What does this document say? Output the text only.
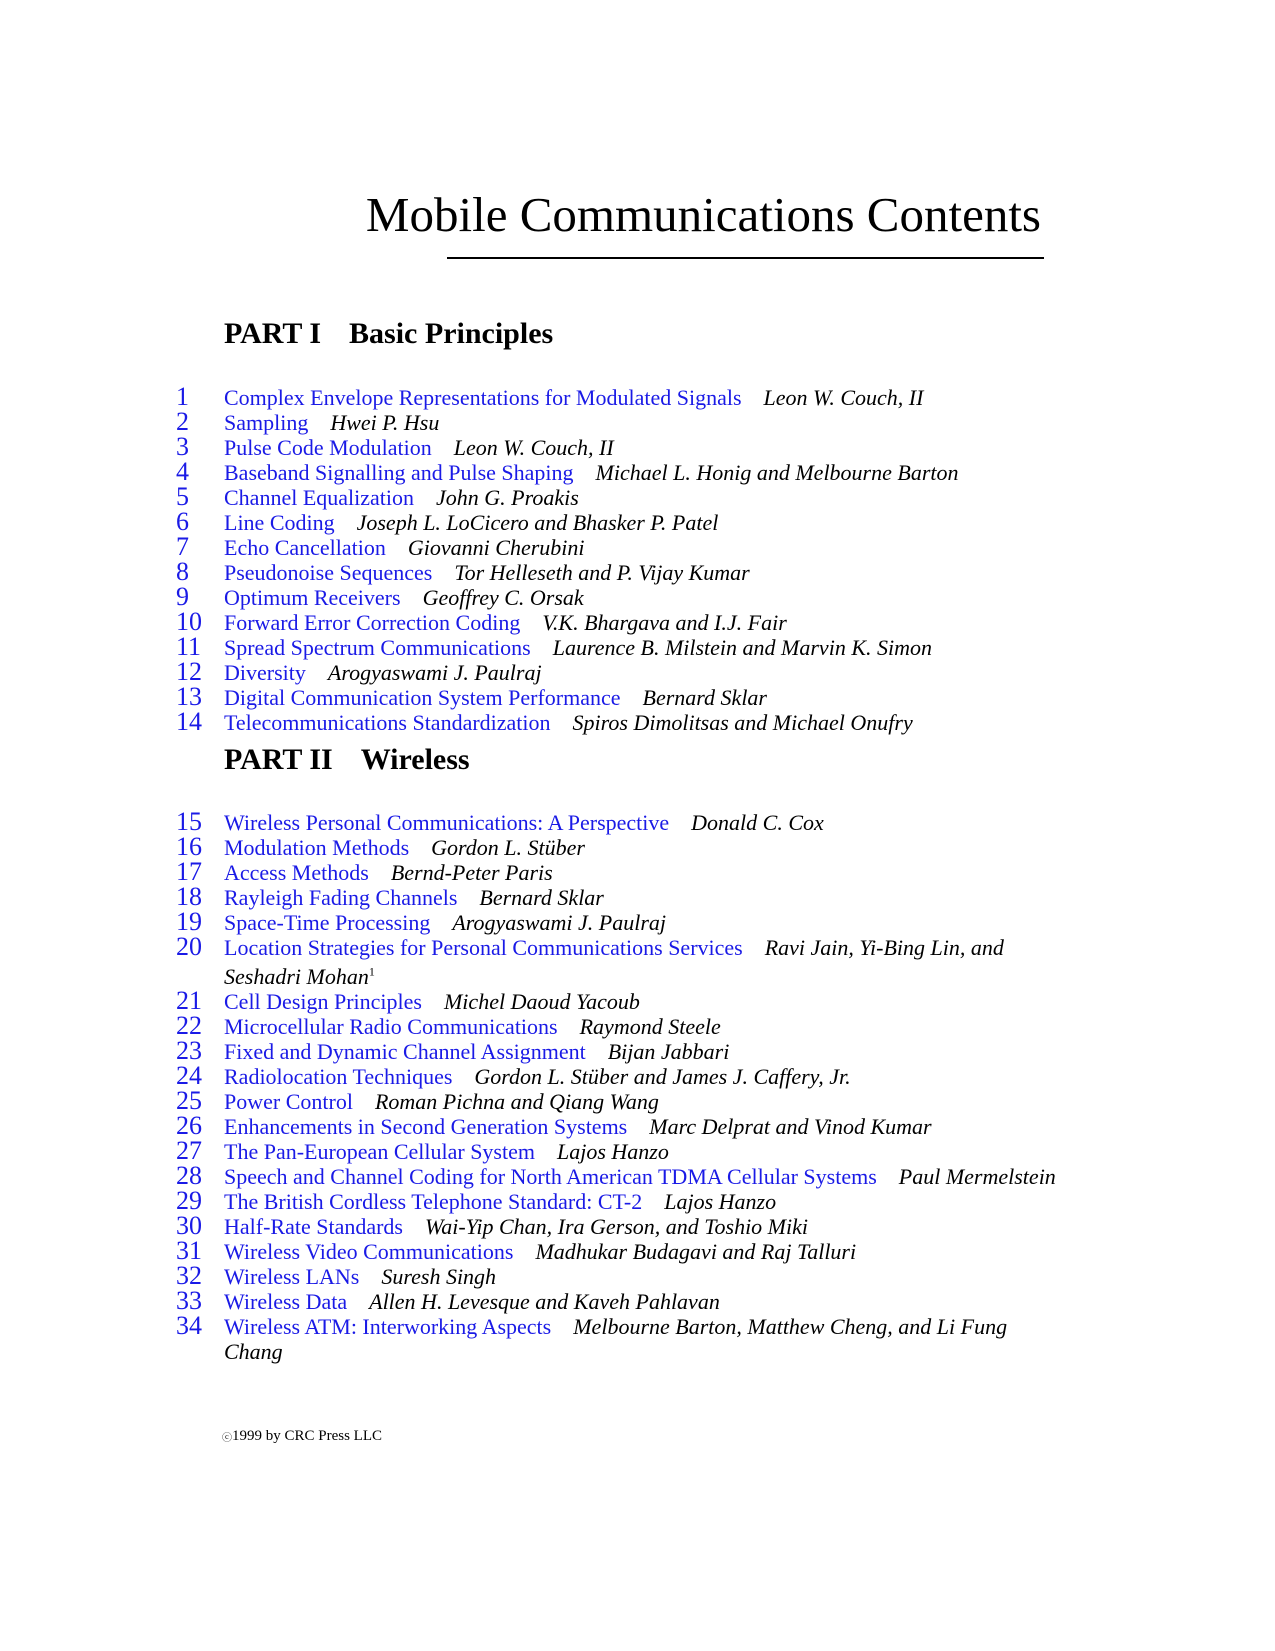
Mobile Communications Contents
PART I Basic Principles
1	Complex Envelope Representations for Modulated Signals Leon W. Couch, II
2	Sampling Hwei P. Hsu
3	Pulse Code Modulation Leon W. Couch, II
4	Baseband Signalling and Pulse Shaping Michael L. Honig and Melbourne Barton
5	Channel Equalization John G. Proakis
6	Line Coding Joseph L. LoCicero and Bhasker P. Patel
7	Echo Cancellation Giovanni Cherubini
8	Pseudonoise Sequences Tor Helleseth and P. Vijay Kumar
9	Optimum Receivers Geoffrey C. Orsak
10	Forward Error Correction Coding V.K. Bhargava and I.J. Fair
11	Spread Spectrum Communications Laurence B. Milstein and Marvin K. Simon
12	Diversity Arogyaswami J. Paulraj
13	Digital Communication System Performance Bernard Sklar
14	Telecommunications Standardization Spiros Dimolitsas and Michael Onufry
PART II Wireless
15	Wireless Personal Communications: A Perspective Donald C. Cox
16	Modulation Methods Gordon L. Stüber
17	Access Methods Bernd-Peter Paris
18	Rayleigh Fading Channels Bernard Sklar
19	Space-Time Processing Arogyaswami J. Paulraj
20	Location Strategies for Personal Communications Services Ravi Jain, Yi-Bing Lin, and Seshadri Mohan$^1$
21	Cell Design Principles Michel Daoud Yacoub
22	Microcellular Radio Communications Raymond Steele
23	Fixed and Dynamic Channel Assignment Bijan Jabbari
24	Radiolocation Techniques Gordon L. Stüber and James J. Caffery, Jr.
25	Power Control Roman Pichna and Qiang Wang
26	Enhancements in Second Generation Systems Marc Delprat and Vinod Kumar
27	The Pan-European Cellular System Lajos Hanzo
28	Speech and Channel Coding for North American TDMA Cellular Systems Paul Mermelstein
29	The British Cordless Telephone Standard: CT-2 Lajos Hanzo
30	Half-Rate Standards Wai-Yip Chan, Ira Gerson, and Toshio Miki
31	Wireless Video Communications Madhukar Budagavi and Raj Talluri
32	Wireless LANs Suresh Singh
33	Wireless Data Allen H. Levesque and Kaveh Pahlavan
34	Wireless ATM: Interworking Aspects Melbourne Barton, Matthew Cheng, and Li Fung Chang

ⓒ1999 by CRC Press LLC
